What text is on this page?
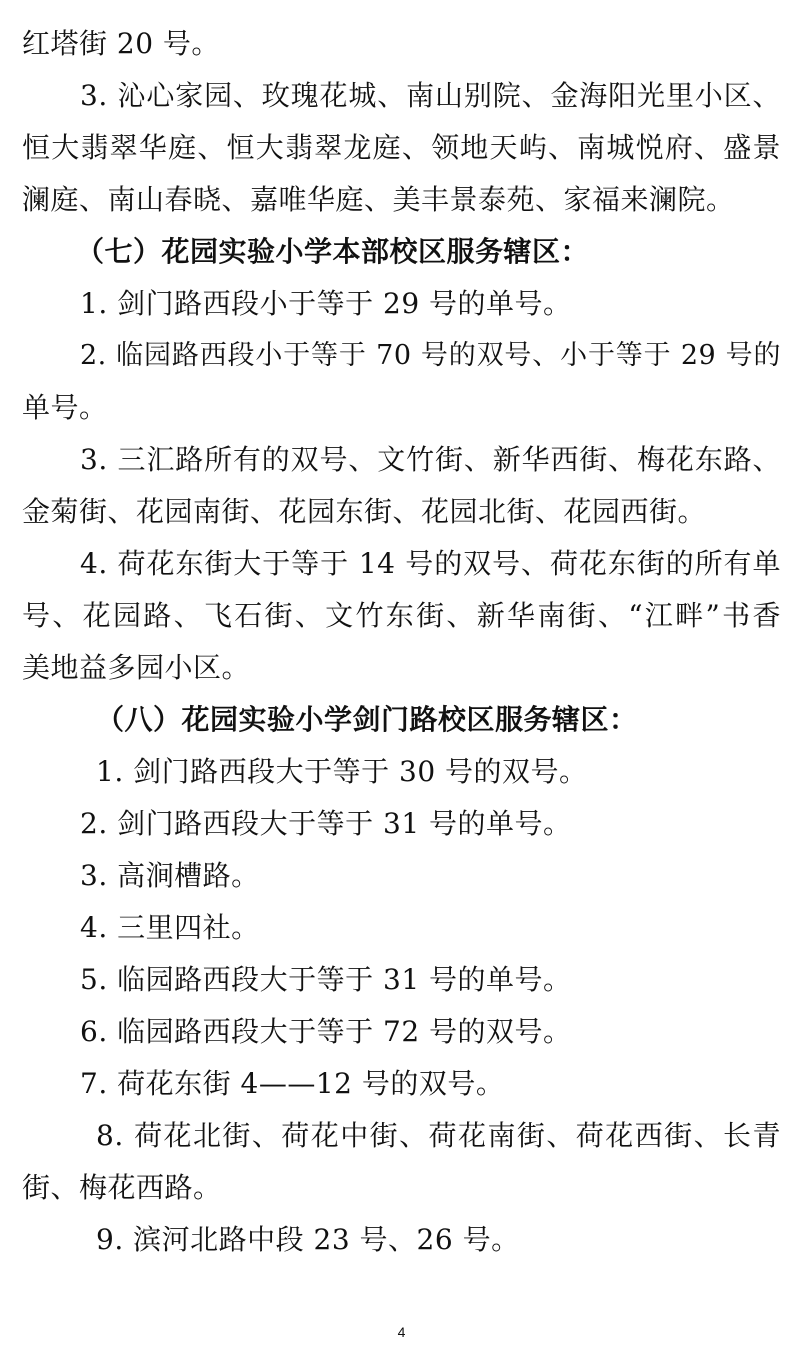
红塔街 20 号。
3. 沁心家园、玫瑰花城、南山别院、金海阳光里小区、
恒大翡翠华庭、恒大翡翠龙庭、领地天屿、南城悦府、盛景
澜庭、南山春晓、嘉唯华庭、美丰景泰苑、家福来澜院。
（七）花园实验小学本部校区服务辖区：
1. 剑门路西段小于等于 29 号的单号。
2. 临园路西段小于等于 70 号的双号、小于等于 29 号的
单号。
3. 三汇路所有的双号、文竹街、新华西街、梅花东路、
金菊街、花园南街、花园东街、花园北街、花园西街。
4. 荷花东街大于等于 14 号的双号、荷花东街的所有单
号、花园路、飞石街、文竹东街、新华南街、“江畔”书香
美地益多园小区。
（八）花园实验小学剑门路校区服务辖区：
1. 剑门路西段大于等于 30 号的双号。
2. 剑门路西段大于等于 31 号的单号。
3. 高涧槽路。
4. 三里四社。
5. 临园路西段大于等于 31 号的单号。
6. 临园路西段大于等于 72 号的双号。
7. 荷花东街 4——12 号的双号。
8. 荷花北街、荷花中街、荷花南街、荷花西街、长青
街、梅花西路。
9. 滨河北路中段 23 号、26 号。
4
